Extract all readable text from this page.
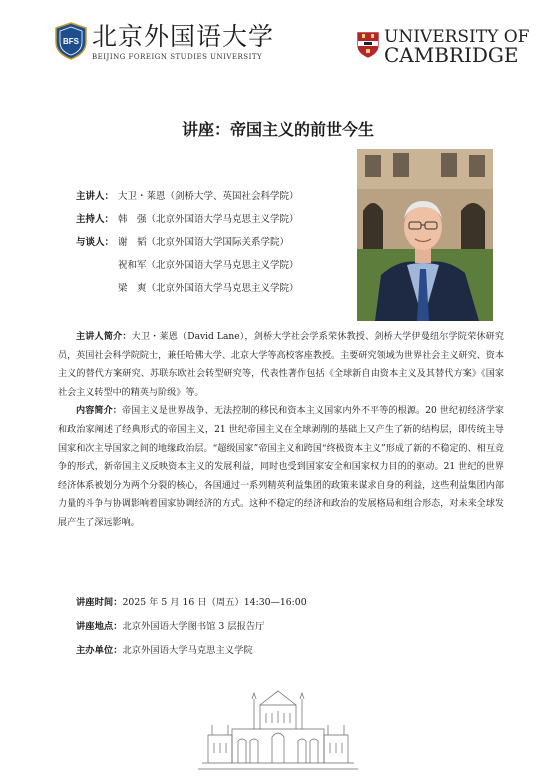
BFS 北京外国语大学
BEIJING FOREIGN STUDIES UNIVERSITY
UNIVERSITY OF
CAMBRIDGE
讲座：帝国主义的前世今生
主讲人： 大卫・莱恩（剑桥大学、英国社会科学院）
主持人： 韩　强（北京外国语大学马克思主义学院）
与谈人： 谢　韬（北京外国语大学国际关系学院）
祝和军（北京外国语大学马克思主义学院）
梁　爽（北京外国语大学马克思主义学院）

主讲人简介：大卫・莱恩（David Lane），剑桥大学社会学系荣休教授、剑桥大学伊曼纽尔学院荣休研究员，英国社会科学院院士，兼任哈佛大学、北京大学等高校客座教授。主要研究领域为世界社会主义研究、资本主义的替代方案研究、苏联东欧社会转型研究等，代表性著作包括《全球新自由资本主义及其替代方案》《国家社会主义转型中的精英与阶级》等。

内容简介：帝国主义是世界战争、无法控制的移民和资本主义国家内外不平等的根源。20 世纪初经济学家和政治家阐述了经典形式的帝国主义，21 世纪帝国主义在全球剥削的基础上又产生了新的结构层，即传统主导国家和次主导国家之间的地缘政治层。“超级国家”帝国主义和跨国“终极资本主义”形成了新的不稳定的、相互竞争的形式，新帝国主义反映资本主义的发展利益，同时也受到国家安全和国家权力目的的驱动。21 世纪的世界经济体系被划分为两个分裂的核心，各国通过一系列精英利益集团的政策来谋求自身的利益，这些利益集团内部力量的斗争与协调影响着国家协调经济的方式。这种不稳定的经济和政治的发展格局和组合形态，对未来全球发展产生了深远影响。

讲座时间：2025 年 5 月 16 日（周五）14:30—16:00
讲座地点：北京外国语大学图书馆 3 层报告厅
主办单位：北京外国语大学马克思主义学院
